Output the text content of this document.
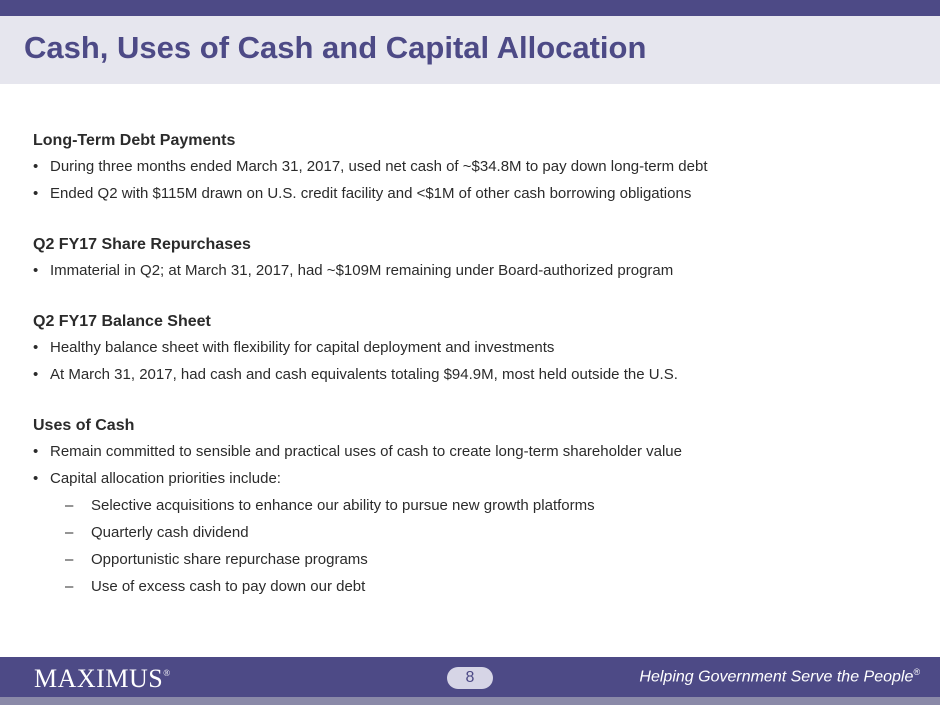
Cash, Uses of Cash and Capital Allocation
Long-Term Debt Payments
• During three months ended March 31, 2017, used net cash of ~$34.8M to pay down long-term debt
• Ended Q2 with $115M drawn on U.S. credit facility and <$1M of other cash borrowing obligations
Q2 FY17 Share Repurchases
• Immaterial in Q2; at March 31, 2017, had ~$109M remaining under Board-authorized program
Q2 FY17 Balance Sheet
• Healthy balance sheet with flexibility for capital deployment and investments
• At March 31, 2017, had cash and cash equivalents totaling $94.9M, most held outside the U.S.
Uses of Cash
• Remain committed to sensible and practical uses of cash to create long-term shareholder value
• Capital allocation priorities include:
– Selective acquisitions to enhance our ability to pursue new growth platforms
– Quarterly cash dividend
– Opportunistic share repurchase programs
– Use of excess cash to pay down our debt
MAXIMUS®	8	Helping Government Serve the People®
